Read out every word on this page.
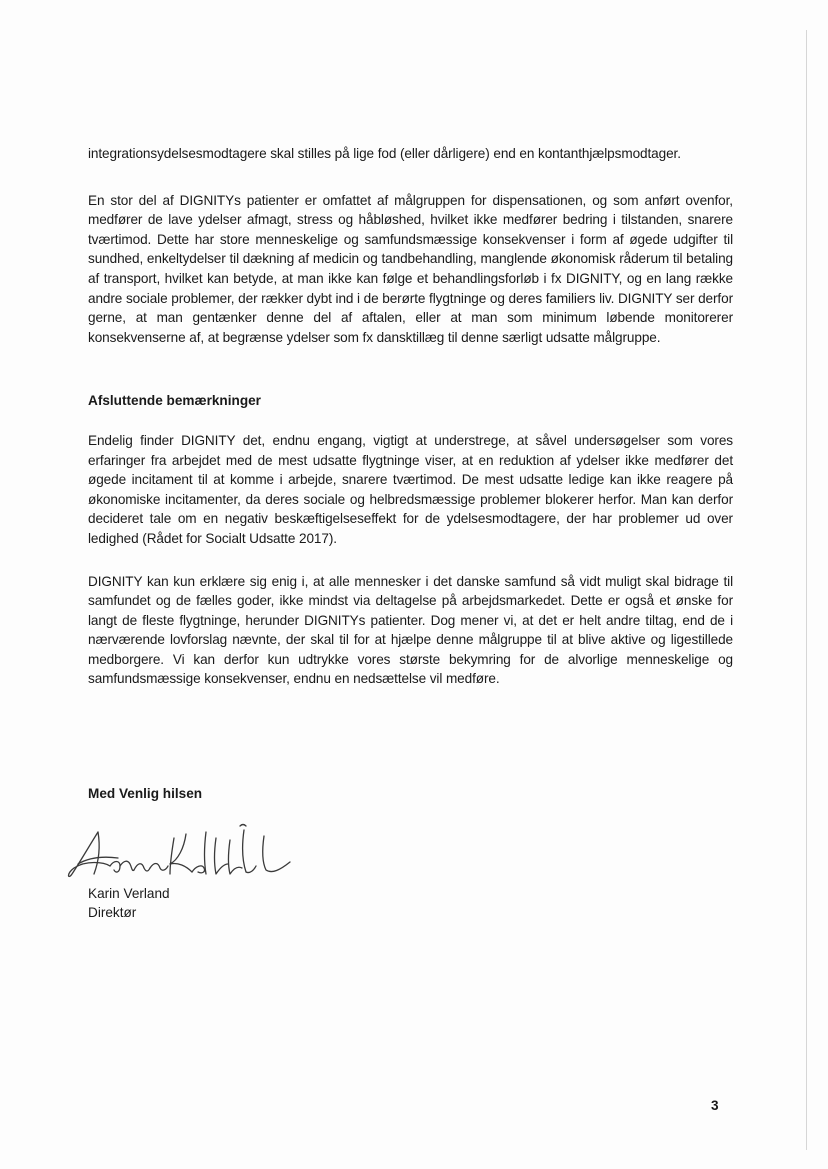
integrationsydelsesmodtagere skal stilles på lige fod (eller dårligere) end en kontanthjælpsmodtager.

En stor del af DIGNITYs patienter er omfattet af målgruppen for dispensationen, og som anført ovenfor, medfører de lave ydelser afmagt, stress og håbløshed, hvilket ikke medfører bedring i tilstanden, snarere tværtimod. Dette har store menneskelige og samfundsmæssige konsekvenser i form af øgede udgifter til sundhed, enkeltydelser til dækning af medicin og tandbehandling, manglende økonomisk råderum til betaling af transport, hvilket kan betyde, at man ikke kan følge et behandlingsforløb i fx DIGNITY, og en lang række andre sociale problemer, der rækker dybt ind i de berørte flygtninge og deres familiers liv. DIGNITY ser derfor gerne, at man gentænker denne del af aftalen, eller at man som minimum løbende monitorerer konsekvenserne af, at begrænse ydelser som fx dansktillæg til denne særligt udsatte målgruppe.

Afsluttende bemærkninger

Endelig finder DIGNITY det, endnu engang, vigtigt at understrege, at såvel undersøgelser som vores erfaringer fra arbejdet med de mest udsatte flygtninge viser, at en reduktion af ydelser ikke medfører det øgede incitament til at komme i arbejde, snarere tværtimod. De mest udsatte ledige kan ikke reagere på økonomiske incitamenter, da deres sociale og helbredsmæssige problemer blokerer herfor. Man kan derfor decideret tale om en negativ beskæftigelseseffekt for de ydelsesmodtagere, der har problemer ud over ledighed (Rådet for Socialt Udsatte 2017).

DIGNITY kan kun erklære sig enig i, at alle mennesker i det danske samfund så vidt muligt skal bidrage til samfundet og de fælles goder, ikke mindst via deltagelse på arbejdsmarkedet. Dette er også et ønske for langt de fleste flygtninge, herunder DIGNITYs patienter. Dog mener vi, at det er helt andre tiltag, end de i nærværende lovforslag nævnte, der skal til for at hjælpe denne målgruppe til at blive aktive og ligestillede medborgere. Vi kan derfor kun udtrykke vores største bekymring for de alvorlige menneskelige og samfundsmæssige konsekvenser, endnu en nedsættelse vil medføre.

Med Venlig hilsen

Karin Verland

Direktør

3
